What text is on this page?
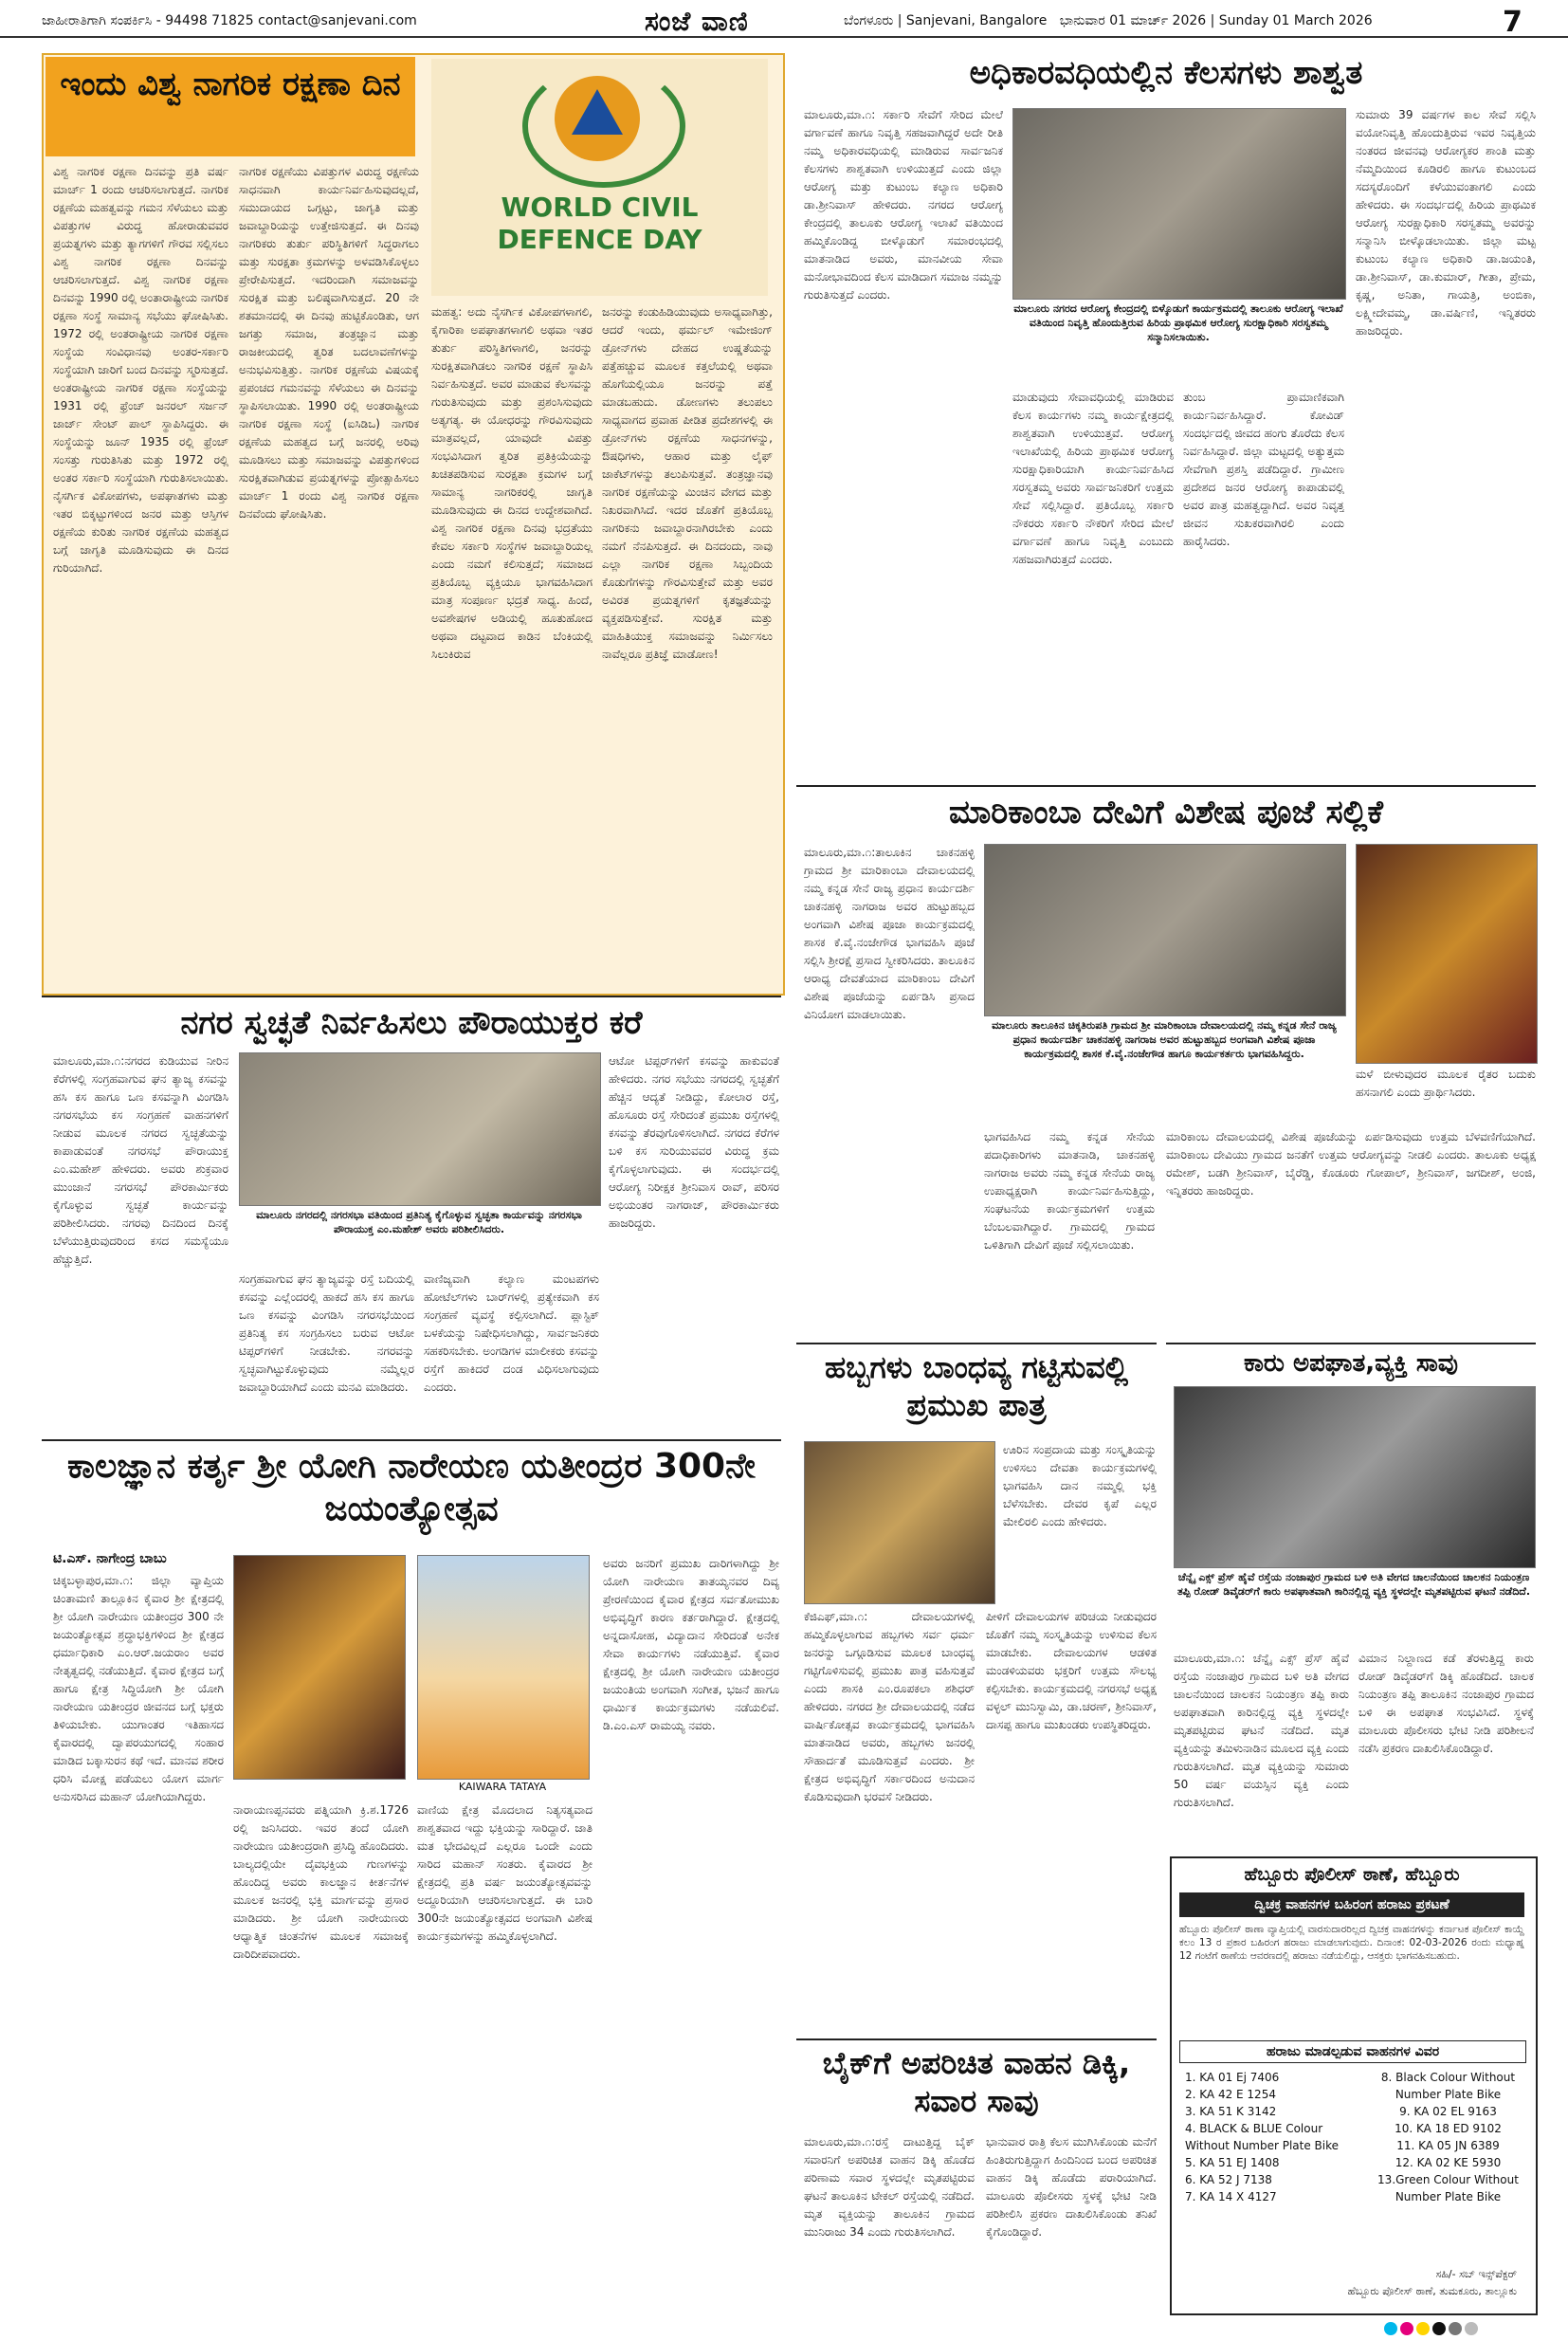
ಜಾಹೀರಾತಿಗಾಗಿ ಸಂಪರ್ಕಿಸಿ - 94498 71825 contact@sanjevani.com	ಸಂಜೆ ವಾಣಿ	ಬೆಂಗಳೂರು | Sanjevani, Bangalore ಭಾನುವಾರ 01 ಮಾರ್ಚ್ 2026 | Sunday 01 March 2026	7
ಇಂದು ವಿಶ್ವ ನಾಗರಿಕ ರಕ್ಷಣಾ ದಿನ
WORLD CIVIL DEFENCE DAY
ವಿಶ್ವ ನಾಗರಿಕ ರಕ್ಷಣಾ ದಿನವನ್ನು ಪ್ರತಿ ವರ್ಷ ಮಾರ್ಚ್ 1 ರಂದು ಆಚರಿಸಲಾಗುತ್ತದೆ. ನಾಗರಿಕ ರಕ್ಷಣೆಯ ಮಹತ್ವವನ್ನು ಗಮನ ಸೆಳೆಯಲು ಮತ್ತು ವಿಪತ್ತುಗಳ ವಿರುದ್ಧ ಹೋರಾಡುವವರ ಪ್ರಯತ್ನಗಳು ಮತ್ತು ತ್ಯಾಗಗಳಿಗೆ ಗೌರವ ಸಲ್ಲಿಸಲು ವಿಶ್ವ ನಾಗರಿಕ ರಕ್ಷಣಾ ದಿನವನ್ನು ಆಚರಿಸಲಾಗುತ್ತದೆ. ವಿಶ್ವ ನಾಗರಿಕ ರಕ್ಷಣಾ ದಿನವನ್ನು 1990 ರಲ್ಲಿ ಅಂತಾರಾಷ್ಟ್ರೀಯ ನಾಗರಿಕ ರಕ್ಷಣಾ ಸಂಸ್ಥೆ ಸಾಮಾನ್ಯ ಸಭೆಯು ಘೋಷಿಸಿತು. 1972 ರಲ್ಲಿ ಅಂತರಾಷ್ಟ್ರೀಯ ನಾಗರಿಕ ರಕ್ಷಣಾ ಸಂಸ್ಥೆಯ ಸಂವಿಧಾನವು ಅಂತರ-ಸರ್ಕಾರಿ ಸಂಸ್ಥೆಯಾಗಿ ಜಾರಿಗೆ ಬಂದ ದಿನವನ್ನು ಸ್ಮರಿಸುತ್ತದೆ. ಅಂತರಾಷ್ಟ್ರೀಯ ನಾಗರಿಕ ರಕ್ಷಣಾ ಸಂಸ್ಥೆಯನ್ನು 1931 ರಲ್ಲಿ ಫ್ರೆಂಚ್ ಜನರಲ್ ಸರ್ಜನ್ ಜಾರ್ಜ್ ಸೇಂಟ್ ಪಾಲ್ ಸ್ಥಾಪಿಸಿದ್ದರು. ಈ ಸಂಸ್ಥೆಯನ್ನು ಜೂನ್ 1935 ರಲ್ಲಿ ಫ್ರೆಂಚ್ ಸಂಸತ್ತು ಗುರುತಿಸಿತು ಮತ್ತು 1972 ರಲ್ಲಿ ಅಂತರ ಸರ್ಕಾರಿ ಸಂಸ್ಥೆಯಾಗಿ ಗುರುತಿಸಲಾಯಿತು. ನೈಸರ್ಗಿಕ ವಿಕೋಪಗಳು, ಅಪಘಾತಗಳು ಮತ್ತು ಇತರ ಬಿಕ್ಕಟ್ಟುಗಳಿಂದ ಜನರ ಮತ್ತು ಆಸ್ತಿಗಳ ರಕ್ಷಣೆಯ ಕುರಿತು ನಾಗರಿಕ ರಕ್ಷಣೆಯ ಮಹತ್ವದ ಬಗ್ಗೆ ಜಾಗೃತಿ ಮೂಡಿಸುವುದು ಈ ದಿನದ ಗುರಿಯಾಗಿದೆ.
ನಾಗರಿಕ ರಕ್ಷಣೆಯು ವಿಪತ್ತುಗಳ ವಿರುದ್ಧ ರಕ್ಷಣೆಯ ಸಾಧನವಾಗಿ ಕಾರ್ಯನಿರ್ವಹಿಸುವುದಲ್ಲದೆ, ಸಮುದಾಯದ ಒಗ್ಗಟ್ಟು, ಜಾಗೃತಿ ಮತ್ತು ಜವಾಬ್ದಾರಿಯನ್ನು ಉತ್ತೇಜಿಸುತ್ತದೆ. ಈ ದಿನವು ನಾಗರಿಕರು ತುರ್ತು ಪರಿಸ್ಥಿತಿಗಳಿಗೆ ಸಿದ್ಧರಾಗಲು ಮತ್ತು ಸುರಕ್ಷತಾ ಕ್ರಮಗಳನ್ನು ಅಳವಡಿಸಿಕೊಳ್ಳಲು ಪ್ರೇರೇಪಿಸುತ್ತದೆ. ಇದರಿಂದಾಗಿ ಸಮಾಜವನ್ನು ಸುರಕ್ಷಿತ ಮತ್ತು ಬಲಿಷ್ಠವಾಗಿಸುತ್ತದೆ. 20 ನೇ ಶತಮಾನದಲ್ಲಿ ಈ ದಿನವು ಹುಟ್ಟಿಕೊಂಡಿತು, ಆಗ ಜಗತ್ತು ಸಮಾಜ, ತಂತ್ರಜ್ಞಾನ ಮತ್ತು ರಾಜಕೀಯದಲ್ಲಿ ತ್ವರಿತ ಬದಲಾವಣೆಗಳನ್ನು ಅನುಭವಿಸುತ್ತಿತ್ತು. ನಾಗರಿಕ ರಕ್ಷಣೆಯ ವಿಷಯಕ್ಕೆ ಪ್ರಪಂಚದ ಗಮನವನ್ನು ಸೆಳೆಯಲು ಈ ದಿನವನ್ನು ಸ್ಥಾಪಿಸಲಾಯಿತು. 1990 ರಲ್ಲಿ ಅಂತರಾಷ್ಟ್ರೀಯ ನಾಗರಿಕ ರಕ್ಷಣಾ ಸಂಸ್ಥೆ (ಐಸಿಡಿಒ) ನಾಗರಿಕ ರಕ್ಷಣೆಯ ಮಹತ್ವದ ಬಗ್ಗೆ ಜನರಲ್ಲಿ ಅರಿವು ಮೂಡಿಸಲು ಮತ್ತು ಸಮಾಜವನ್ನು ವಿಪತ್ತುಗಳಿಂದ ಸುರಕ್ಷಿತವಾಗಿಡುವ ಪ್ರಯತ್ನಗಳನ್ನು ಪ್ರೋತ್ಸಾಹಿಸಲು ಮಾರ್ಚ್ 1 ರಂದು ವಿಶ್ವ ನಾಗರಿಕ ರಕ್ಷಣಾ ದಿನವೆಂದು ಘೋಷಿಸಿತು.
ಮಹತ್ವ: ಅದು ನೈಸರ್ಗಿಕ ವಿಕೋಪಗಳಾಗಲಿ, ಕೈಗಾರಿಕಾ ಅಪಘಾತಗಳಾಗಲಿ ಅಥವಾ ಇತರ ತುರ್ತು ಪರಿಸ್ಥಿತಿಗಳಾಗಲಿ, ಜನರನ್ನು ಸುರಕ್ಷಿತವಾಗಿಡಲು ನಾಗರಿಕ ರಕ್ಷಣೆ ಸ್ಥಾಪಿಸಿ ನಿರ್ವಹಿಸುತ್ತದೆ. ಅವರ ಮಾಡುವ ಕೆಲಸವನ್ನು ಗುರುತಿಸುವುದು ಮತ್ತು ಪ್ರಶಂಸಿಸುವುದು ಅತ್ಯಗತ್ಯ. ಈ ಯೋಧರನ್ನು ಗೌರವಿಸುವುದು ಮಾತ್ರವಲ್ಲದೆ, ಯಾವುದೇ ವಿಪತ್ತು ಸಂಭವಿಸಿದಾಗ ತ್ವರಿತ ಪ್ರತಿಕ್ರಿಯೆಯನ್ನು ಖಚಿತಪಡಿಸುವ ಸುರಕ್ಷತಾ ಕ್ರಮಗಳ ಬಗ್ಗೆ ಸಾಮಾನ್ಯ ನಾಗರಿಕರಲ್ಲಿ ಜಾಗೃತಿ ಮೂಡಿಸುವುದು ಈ ದಿನದ ಉದ್ದೇಶವಾಗಿದೆ. ವಿಶ್ವ ನಾಗರಿಕ ರಕ್ಷಣಾ ದಿನವು ಭದ್ರತೆಯು ಕೇವಲ ಸರ್ಕಾರಿ ಸಂಸ್ಥೆಗಳ ಜವಾಬ್ದಾರಿಯಲ್ಲ ಎಂದು ನಮಗೆ ಕಲಿಸುತ್ತದೆ; ಸಮಾಜದ ಪ್ರತಿಯೊಬ್ಬ ವ್ಯಕ್ತಿಯೂ ಭಾಗವಹಿಸಿದಾಗ ಮಾತ್ರ ಸಂಪೂರ್ಣ ಭದ್ರತೆ ಸಾಧ್ಯ. ಹಿಂದೆ, ಅವಶೇಷಗಳ ಅಡಿಯಲ್ಲಿ ಹೂತುಹೋದ ಅಥವಾ ದಟ್ಟವಾದ ಕಾಡಿನ ಬೆಂಕಿಯಲ್ಲಿ ಸಿಲುಕಿರುವ
ಜನರನ್ನು ಕಂಡುಹಿಡಿಯುವುದು ಅಸಾಧ್ಯವಾಗಿತ್ತು, ಆದರೆ ಇಂದು, ಥರ್ಮಲ್ ಇಮೇಜಿಂಗ್ ಡ್ರೋನ್‌ಗಳು ದೇಹದ ಉಷ್ಣತೆಯನ್ನು ಪತ್ತೆಹಚ್ಚುವ ಮೂಲಕ ಕತ್ತಲೆಯಲ್ಲಿ ಅಥವಾ ಹೊಗೆಯಲ್ಲಿಯೂ ಜನರನ್ನು ಪತ್ತೆ ಮಾಡಬಹುದು. ಡೋಣಗಳು ತಲುಪಲು ಸಾಧ್ಯವಾಗದ ಪ್ರವಾಹ ಪೀಡಿತ ಪ್ರದೇಶಗಳಲ್ಲಿ ಈ ಡ್ರೋನ್‌ಗಳು ರಕ್ಷಣೆಯ ಸಾಧನಗಳನ್ನು, ಔಷಧಿಗಳು, ಆಹಾರ ಮತ್ತು ಲೈಫ್ ಜಾಕೆಟ್‌ಗಳನ್ನು ತಲುಪಿಸುತ್ತವೆ. ತಂತ್ರಜ್ಞಾನವು ನಾಗರಿಕ ರಕ್ಷಣೆಯನ್ನು ಮಿಂಚಿನ ವೇಗದ ಮತ್ತು ನಿಖರವಾಗಿಸಿದೆ. ಇದರ ಜೊತೆಗೆ ಪ್ರತಿಯೊಬ್ಬ ನಾಗರಿಕನು ಜವಾಬ್ದಾರನಾಗಿರಬೇಕು ಎಂದು ನಮಗೆ ನೆನಪಿಸುತ್ತದೆ. ಈ ದಿನದಂದು, ನಾವು ಎಲ್ಲಾ ನಾಗರಿಕ ರಕ್ಷಣಾ ಸಿಬ್ಬಂದಿಯ ಕೊಡುಗೆಗಳನ್ನು ಗೌರವಿಸುತ್ತೇವೆ ಮತ್ತು ಅವರ ಅವಿರತ ಪ್ರಯತ್ನಗಳಿಗೆ ಕೃತಜ್ಞತೆಯನ್ನು ವ್ಯಕ್ತಪಡಿಸುತ್ತೇವೆ. ಸುರಕ್ಷಿತ ಮತ್ತು ಮಾಹಿತಿಯುಕ್ತ ಸಮಾಜವನ್ನು ನಿರ್ಮಿಸಲು ನಾವೆಲ್ಲರೂ ಪ್ರತಿಜ್ಞೆ ಮಾಡೋಣ!
ಅಧಿಕಾರವಧಿಯಲ್ಲಿನ ಕೆಲಸಗಳು ಶಾಶ್ವತ
ಮಾಲೂರು,ಮಾ.೧: ಸರ್ಕಾರಿ ಸೇವೆಗೆ ಸೇರಿದ ಮೇಲೆ ವರ್ಗಾವಣೆ ಹಾಗೂ ನಿವೃತ್ತಿ ಸಹಜವಾಗಿದ್ದರೆ ಅದೇ ರೀತಿ ನಮ್ಮ ಅಧಿಕಾರವಧಿಯಲ್ಲಿ ಮಾಡಿರುವ ಸಾರ್ವಜನಿಕ ಕೆಲಸಗಳು ಶಾಶ್ವತವಾಗಿ ಉಳಿಯುತ್ತದೆ ಎಂದು ಜಿಲ್ಲಾ ಆರೋಗ್ಯ ಮತ್ತು ಕುಟುಂಬ ಕಲ್ಯಾಣ ಅಧಿಕಾರಿ ಡಾ.ಶ್ರೀನಿವಾಸ್ ಹೇಳಿದರು. ನಗರದ ಆರೋಗ್ಯ ಕೇಂದ್ರದಲ್ಲಿ ತಾಲೂಕು ಆರೋಗ್ಯ ಇಲಾಖೆ ವತಿಯಿಂದ ಹಮ್ಮಿಕೊಂಡಿದ್ದ ಬೀಳ್ಕೊಡುಗೆ ಸಮಾರಂಭದಲ್ಲಿ ಮಾತನಾಡಿದ ಅವರು, ಮಾನವೀಯ ಸೇವಾ ಮನೋಭಾವದಿಂದ ಕೆಲಸ ಮಾಡಿದಾಗ ಸಮಾಜ ನಮ್ಮನ್ನು ಗುರುತಿಸುತ್ತದೆ ಎಂದರು.
ಮಾಲೂರು ನಗರದ ಆರೋಗ್ಯ ಕೇಂದ್ರದಲ್ಲಿ ಬಿಳ್ಕೊಡುಗೆ ಕಾರ್ಯಕ್ರಮದಲ್ಲಿ ತಾಲೂಕು ಆರೋಗ್ಯ ಇಲಾಖೆ ವತಿಯಿಂದ ನಿವೃತ್ತಿ ಹೊಂದುತ್ತಿರುವ ಹಿರಿಯ ಪ್ರಾಥಮಿಕ ಆರೋಗ್ಯ ಸುರಕ್ಷಾಧಿಕಾರಿ ಸರಸ್ವತಮ್ಮ ಸನ್ಮಾನಿಸಲಾಯಿತು.
ಮಾಡುವುದು ಸೇವಾವಧಿಯಲ್ಲಿ ಮಾಡಿರುವ ಕೆಲಸ ಕಾರ್ಯಗಳು ನಮ್ಮ ಕಾರ್ಯಕ್ಷೇತ್ರದಲ್ಲಿ ಶಾಶ್ವತವಾಗಿ ಉಳಿಯುತ್ತವೆ. ಆರೋಗ್ಯ ಇಲಾಖೆಯಲ್ಲಿ ಹಿರಿಯ ಪ್ರಾಥಮಿಕ ಆರೋಗ್ಯ ಸುರಕ್ಷಾಧಿಕಾರಿಯಾಗಿ ಕಾರ್ಯನಿರ್ವಹಿಸಿದ ಸರಸ್ವತಮ್ಮ ಅವರು ಸಾರ್ವಜನಿಕರಿಗೆ ಉತ್ತಮ ಸೇವೆ ಸಲ್ಲಿಸಿದ್ದಾರೆ. ಪ್ರತಿಯೊಬ್ಬ ಸರ್ಕಾರಿ ನೌಕರರು ಸರ್ಕಾರಿ ನೌಕರಿಗೆ ಸೇರಿದ ಮೇಲೆ ವರ್ಗಾವಣೆ ಹಾಗೂ ನಿವೃತ್ತಿ ಎಂಬುದು ಸಹಜವಾಗಿರುತ್ತದೆ ಎಂದರು.
ತುಂಬ ಪ್ರಾಮಾಣಿಕವಾಗಿ ಕಾರ್ಯನಿರ್ವಹಿಸಿದ್ದಾರೆ. ಕೋವಿಡ್ ಸಂದರ್ಭದಲ್ಲಿ ಜೀವದ ಹಂಗು ತೊರೆದು ಕೆಲಸ ನಿರ್ವಹಿಸಿದ್ದಾರೆ. ಜಿಲ್ಲಾ ಮಟ್ಟದಲ್ಲಿ ಅತ್ಯುತ್ತಮ ಸೇವೆಗಾಗಿ ಪ್ರಶಸ್ತಿ ಪಡೆದಿದ್ದಾರೆ. ಗ್ರಾಮೀಣ ಪ್ರದೇಶದ ಜನರ ಆರೋಗ್ಯ ಕಾಪಾಡುವಲ್ಲಿ ಅವರ ಪಾತ್ರ ಮಹತ್ವದ್ದಾಗಿದೆ. ಅವರ ನಿವೃತ್ತ ಜೀವನ ಸುಖಕರವಾಗಿರಲಿ ಎಂದು ಹಾರೈಸಿದರು.
ಸುಮಾರು 39 ವರ್ಷಗಳ ಕಾಲ ಸೇವೆ ಸಲ್ಲಿಸಿ ವಯೋನಿವೃತ್ತಿ ಹೊಂದುತ್ತಿರುವ ಇವರ ನಿವೃತ್ತಿಯ ನಂತರದ ಜೀವನವು ಆರೋಗ್ಯಕರ ಶಾಂತಿ ಮತ್ತು ನೆಮ್ಮದಿಯಿಂದ ಕೂಡಿರಲಿ ಹಾಗೂ ಕುಟುಂಬದ ಸದಸ್ಯರೊಂದಿಗೆ ಕಳೆಯುವಂತಾಗಲಿ ಎಂದು ಹೇಳಿದರು. ಈ ಸಂದರ್ಭದಲ್ಲಿ ಹಿರಿಯ ಪ್ರಾಥಮಿಕ ಆರೋಗ್ಯ ಸುರಕ್ಷಾಧಿಕಾರಿ ಸರಸ್ವತಮ್ಮ ಅವರನ್ನು ಸನ್ಮಾನಿಸಿ ಬೀಳ್ಕೊಡಲಾಯಿತು. ಜಿಲ್ಲಾ ಮಟ್ಟ ಕುಟುಂಬ ಕಲ್ಯಾಣ ಅಧಿಕಾರಿ ಡಾ.ಜಯಂತಿ, ಡಾ.ಶ್ರೀನಿವಾಸ್, ಡಾ.ಕುಮಾರ್, ಗೀತಾ, ಪ್ರೇಮ, ಕೃಷ್ಣ, ಅನಿತಾ, ಗಾಯತ್ರಿ, ಅಂಬಿಕಾ, ಲಕ್ಷ್ಮೀದೇವಮ್ಮ, ಡಾ.ವರ್ಷಿಣಿ, ಇನ್ನಿತರರು ಹಾಜರಿದ್ದರು.
ಮಾರಿಕಾಂಬಾ ದೇವಿಗೆ ವಿಶೇಷ ಪೂಜೆ ಸಲ್ಲಿಕೆ
ಮಾಲೂರು,ಮಾ.೧:ತಾಲೂಕಿನ ಚಾಕನಹಳ್ಳಿ ಗ್ರಾಮದ ಶ್ರೀ ಮಾರಿಕಾಂಬಾ ದೇವಾಲಯದಲ್ಲಿ ನಮ್ಮ ಕನ್ನಡ ಸೇನೆ ರಾಜ್ಯ ಪ್ರಧಾನ ಕಾರ್ಯದರ್ಶಿ ಚಾಕನಹಳ್ಳಿ ನಾಗರಾಜ ಅವರ ಹುಟ್ಟುಹಬ್ಬದ ಅಂಗವಾಗಿ ವಿಶೇಷ ಪೂಜಾ ಕಾರ್ಯಕ್ರಮದಲ್ಲಿ ಶಾಸಕ ಕೆ.ವೈ.ನಂಜೇಗೌಡ ಭಾಗವಹಿಸಿ ಪೂಜೆ ಸಲ್ಲಿಸಿ ಶ್ರೀರಕ್ಷೆ ಪ್ರಸಾದ ಸ್ವೀಕರಿಸಿದರು. ತಾಲೂಕಿನ ಆರಾಧ್ಯ ದೇವತೆಯಾದ ಮಾರಿಕಾಂಬ ದೇವಿಗೆ ವಿಶೇಷ ಪೂಜೆಯನ್ನು ಏರ್ಪಡಿಸಿ ಪ್ರಸಾದ ವಿನಿಯೋಗ ಮಾಡಲಾಯಿತು.
ಮಾಲೂರು ತಾಲೂಕಿನ ಚಿಕ್ಕತಿರುಪತಿ ಗ್ರಾಮದ ಶ್ರೀ ಮಾರಿಕಾಂಬಾ ದೇವಾಲಯದಲ್ಲಿ ನಮ್ಮ ಕನ್ನಡ ಸೇನೆ ರಾಜ್ಯ ಪ್ರಧಾನ ಕಾರ್ಯದರ್ಶಿ ಚಾಕನಹಳ್ಳಿ ನಾಗರಾಜ ಅವರ ಹುಟ್ಟುಹಬ್ಬದ ಅಂಗವಾಗಿ ವಿಶೇಷ ಪೂಜಾ ಕಾರ್ಯಕ್ರಮದಲ್ಲಿ ಶಾಸಕ ಕೆ.ವೈ.ನಂಜೇಗೌಡ ಹಾಗೂ ಕಾರ್ಯಕರ್ತರು ಭಾಗವಹಿಸಿದ್ದರು.
ಮಳೆ ಬೀಳುವುದರ ಮೂಲಕ ರೈತರ ಬದುಕು ಹಸನಾಗಲಿ ಎಂದು ಪ್ರಾರ್ಥಿಸಿದರು.
ಭಾಗವಹಿಸಿದ ನಮ್ಮ ಕನ್ನಡ ಸೇನೆಯ ಪದಾಧಿಕಾರಿಗಳು ಮಾತನಾಡಿ, ಚಾಕನಹಳ್ಳಿ ನಾಗರಾಜ ಅವರು ನಮ್ಮ ಕನ್ನಡ ಸೇನೆಯ ರಾಜ್ಯ ಉಪಾಧ್ಯಕ್ಷರಾಗಿ ಕಾರ್ಯನಿರ್ವಹಿಸುತ್ತಿದ್ದು, ಸಂಘಟನೆಯ ಕಾರ್ಯಕ್ರಮಗಳಿಗೆ ಉತ್ತಮ ಬೆಂಬಲವಾಗಿದ್ದಾರೆ. ಗ್ರಾಮದಲ್ಲಿ ಗ್ರಾಮದ ಒಳಿತಿಗಾಗಿ ದೇವಿಗೆ ಪೂಜೆ ಸಲ್ಲಿಸಲಾಯಿತು.
ಮಾರಿಕಾಂಬ ದೇವಾಲಯದಲ್ಲಿ ವಿಶೇಷ ಪೂಜೆಯನ್ನು ಏರ್ಪಡಿಸುವುದು ಉತ್ತಮ ಬೆಳವಣಿಗೆಯಾಗಿದೆ. ಮಾರಿಕಾಂಬ ದೇವಿಯು ಗ್ರಾಮದ ಜನತೆಗೆ ಉತ್ತಮ ಆರೋಗ್ಯವನ್ನು ನೀಡಲಿ ಎಂದರು. ತಾಲೂಕು ಅಧ್ಯಕ್ಷ ರಮೇಶ್, ಬಡಗಿ ಶ್ರೀನಿವಾಸ್, ಬೈರೆಡ್ಡಿ, ಕೊಡೂರು ಗೋಪಾಲ್, ಶ್ರೀನಿವಾಸ್, ಜಗದೀಶ್, ಅಂಜಿ, ಇನ್ನಿತರರು ಹಾಜರಿದ್ದರು.
ನಗರ ಸ್ವಚ್ಛತೆ ನಿರ್ವಹಿಸಲು ಪೌರಾಯುಕ್ತರ ಕರೆ
ಮಾಲೂರು,ಮಾ.೧:ನಗರದ ಕುಡಿಯುವ ನೀರಿನ ಕೆರೆಗಳಲ್ಲಿ ಸಂಗ್ರಹವಾಗುವ ಘನ ತ್ಯಾಜ್ಯ ಕಸವನ್ನು ಹಸಿ ಕಸ ಹಾಗೂ ಒಣ ಕಸವನ್ನಾಗಿ ವಿಂಗಡಿಸಿ ನಗರಸಭೆಯ ಕಸ ಸಂಗ್ರಹಣೆ ವಾಹನಗಳಿಗೆ ನೀಡುವ ಮೂಲಕ ನಗರದ ಸ್ವಚ್ಛತೆಯನ್ನು ಕಾಪಾಡುವಂತೆ ನಗರಸಭೆ ಪೌರಾಯುಕ್ತ ಎಂ.ಮಹೇಶ್ ಹೇಳಿದರು. ಅವರು ಶುಕ್ರವಾರ ಮುಂಜಾನೆ ನಗರಸಭೆ ಪೌರಕಾರ್ಮಿಕರು ಕೈಗೊಳ್ಳುವ ಸ್ವಚ್ಛತೆ ಕಾರ್ಯವನ್ನು ಪರಿಶೀಲಿಸಿದರು. ನಗರವು ದಿನದಿಂದ ದಿನಕ್ಕೆ ಬೆಳೆಯುತ್ತಿರುವುದರಿಂದ ಕಸದ ಸಮಸ್ಯೆಯೂ ಹೆಚ್ಚುತ್ತಿದೆ.
ಮಾಲೂರು ನಗರದಲ್ಲಿ ನಗರಸಭಾ ವತಿಯಿಂದ ಪ್ರತಿನಿತ್ಯ ಕೈಗೊಳ್ಳುವ ಸ್ವಚ್ಛತಾ ಕಾರ್ಯವನ್ನು ನಗರಸಭಾ ಪೌರಾಯುಕ್ತ ಎಂ.ಮಹೇಶ್ ಅವರು ಪರಿಶೀಲಿಸಿದರು.
ಸಂಗ್ರಹವಾಗುವ ಘನ ತ್ಯಾಜ್ಯವನ್ನು ರಸ್ತೆ ಬದಿಯಲ್ಲಿ ಕಸವನ್ನು ಎಲ್ಲೆಂದರಲ್ಲಿ ಹಾಕದೆ ಹಸಿ ಕಸ ಹಾಗೂ ಒಣ ಕಸವನ್ನು ವಿಂಗಡಿಸಿ ನಗರಸಭೆಯಿಂದ ಪ್ರತಿನಿತ್ಯ ಕಸ ಸಂಗ್ರಹಿಸಲು ಬರುವ ಆಟೋ ಟಿಪ್ಪರ್‌ಗಳಿಗೆ ನೀಡಬೇಕು. ನಗರವನ್ನು ಸ್ವಚ್ಛವಾಗಿಟ್ಟುಕೊಳ್ಳುವುದು ನಮ್ಮೆಲ್ಲರ ಜವಾಬ್ದಾರಿಯಾಗಿದೆ ಎಂದು ಮನವಿ ಮಾಡಿದರು.
ವಾಣಿಜ್ಯವಾಗಿ ಕಲ್ಯಾಣ ಮಂಟಪಗಳು ಹೋಟೆಲ್‌ಗಳು ಬಾರ್‌ಗಳಲ್ಲಿ ಪ್ರತ್ಯೇಕವಾಗಿ ಕಸ ಸಂಗ್ರಹಣೆ ವ್ಯವಸ್ಥೆ ಕಲ್ಪಿಸಲಾಗಿದೆ. ಪ್ಲಾಸ್ಟಿಕ್ ಬಳಕೆಯನ್ನು ನಿಷೇಧಿಸಲಾಗಿದ್ದು, ಸಾರ್ವಜನಿಕರು ಸಹಕರಿಸಬೇಕು. ಅಂಗಡಿಗಳ ಮಾಲೀಕರು ಕಸವನ್ನು ರಸ್ತೆಗೆ ಹಾಕಿದರೆ ದಂಡ ವಿಧಿಸಲಾಗುವುದು ಎಂದರು.
ಆಟೋ ಟಿಪ್ಪರ್‌ಗಳಿಗೆ ಕಸವನ್ನು ಹಾಕುವಂತೆ ಹೇಳಿದರು. ನಗರ ಸಭೆಯು ನಗರದಲ್ಲಿ ಸ್ವಚ್ಛತೆಗೆ ಹೆಚ್ಚಿನ ಆದ್ಯತೆ ನೀಡಿದ್ದು, ಕೋಲಾರ ರಸ್ತೆ, ಹೊಸೂರು ರಸ್ತೆ ಸೇರಿದಂತೆ ಪ್ರಮುಖ ರಸ್ತೆಗಳಲ್ಲಿ ಕಸವನ್ನು ತೆರವುಗೊಳಿಸಲಾಗಿದೆ. ನಗರದ ಕೆರೆಗಳ ಬಳಿ ಕಸ ಸುರಿಯುವವರ ವಿರುದ್ಧ ಕ್ರಮ ಕೈಗೊಳ್ಳಲಾಗುವುದು. ಈ ಸಂದರ್ಭದಲ್ಲಿ ಆರೋಗ್ಯ ನಿರೀಕ್ಷಕ ಶ್ರೀನಿವಾಸ ರಾವ್, ಪರಿಸರ ಅಭಿಯಂತರ ನಾಗರಾಜ್, ಪೌರಕಾರ್ಮಿಕರು ಹಾಜರಿದ್ದರು.
ಕಾಲಜ್ಞಾನ ಕರ್ತೃ ಶ್ರೀ ಯೋಗಿ ನಾರೇಯಣ ಯತೀಂದ್ರರ 300ನೇ ಜಯಂತ್ಯೋತ್ಸವ
ಟಿ.ಎಸ್. ನಾಗೇಂದ್ರ ಬಾಬು
ಚಿಕ್ಕಬಳ್ಳಾಪುರ,ಮಾ.೧: ಜಿಲ್ಲಾ ವ್ಯಾಪ್ತಿಯ ಚಿಂತಾಮಣಿ ತಾಲ್ಲೂಕಿನ ಕೈವಾರ ಶ್ರೀ ಕ್ಷೇತ್ರದಲ್ಲಿ ಶ್ರೀ ಯೋಗಿ ನಾರೇಯಣ ಯತೀಂದ್ರರ 300 ನೇ ಜಯಂತ್ಯೋತ್ಸವ ಶ್ರದ್ಧಾಭಕ್ತಿಗಳಿಂದ ಶ್ರೀ ಕ್ಷೇತ್ರದ ಧರ್ಮಾಧಿಕಾರಿ ಎಂ.ಆರ್.ಜಯರಾಂ ಅವರ ನೇತೃತ್ವದಲ್ಲಿ ನಡೆಯುತ್ತಿದೆ. ಕೈವಾರ ಕ್ಷೇತ್ರದ ಬಗ್ಗೆ ಹಾಗೂ ಕ್ಷೇತ್ರ ಸಿದ್ಧಿಯೋಗಿ ಶ್ರೀ ಯೋಗಿ ನಾರೇಯಣ ಯತೀಂದ್ರರ ಜೀವನದ ಬಗ್ಗೆ ಭಕ್ತರು ತಿಳಿಯಬೇಕು. ಯುಗಾಂತರ ಇತಿಹಾಸದ ಕೈವಾರದಲ್ಲಿ ದ್ವಾಪರಯುಗದಲ್ಲಿ ಸಂಹಾರ ಮಾಡಿದ ಬಕ್ಕಾಸುರನ ಕಥೆ ಇದೆ. ಮಾನವ ಶರೀರ ಧರಿಸಿ ಮೋಕ್ಷ ಪಡೆಯಲು ಯೋಗ ಮಾರ್ಗ ಅನುಸರಿಸಿದ ಮಹಾನ್ ಯೋಗಿಯಾಗಿದ್ದರು.
KAIWARA TATAYA
ನಾರಾಯಣಪ್ಪನವರು ಪತ್ನಿಯಾಗಿ ಕ್ರಿ.ಶ.1726 ರಲ್ಲಿ ಜನಿಸಿದರು. ಇವರ ತಂದೆ ಯೋಗಿ ನಾರೇಯಣ ಯತೀಂದ್ರರಾಗಿ ಪ್ರಸಿದ್ಧಿ ಹೊಂದಿದರು. ಬಾಲ್ಯದಲ್ಲಿಯೇ ದೈವಭಕ್ತಿಯ ಗುಣಗಳನ್ನು ಹೊಂದಿದ್ದ ಅವರು ಕಾಲಜ್ಞಾನ ಕೀರ್ತನೆಗಳ ಮೂಲಕ ಜನರಲ್ಲಿ ಭಕ್ತಿ ಮಾರ್ಗವನ್ನು ಪ್ರಸಾರ ಮಾಡಿದರು. ಶ್ರೀ ಯೋಗಿ ನಾರೇಯಣರು ಆಧ್ಯಾತ್ಮಿಕ ಚಿಂತನೆಗಳ ಮೂಲಕ ಸಮಾಜಕ್ಕೆ ದಾರಿದೀಪವಾದರು.
ವಾಣಿಯ ಕ್ಷೇತ್ರ ಮೊದಲಾದ ನಿತ್ಯಸತ್ಯವಾದ ಶಾಶ್ವತವಾದ ಇದ್ದು ಭಕ್ತಿಯನ್ನು ಸಾರಿದ್ದಾರೆ. ಜಾತಿ ಮತ ಭೇದವಿಲ್ಲದೆ ಎಲ್ಲರೂ ಒಂದೇ ಎಂದು ಸಾರಿದ ಮಹಾನ್ ಸಂತರು. ಕೈವಾರದ ಶ್ರೀ ಕ್ಷೇತ್ರದಲ್ಲಿ ಪ್ರತಿ ವರ್ಷ ಜಯಂತ್ಯೋತ್ಸವವನ್ನು ಅದ್ದೂರಿಯಾಗಿ ಆಚರಿಸಲಾಗುತ್ತದೆ. ಈ ಬಾರಿ 300ನೇ ಜಯಂತ್ಯೋತ್ಸವದ ಅಂಗವಾಗಿ ವಿಶೇಷ ಕಾರ್ಯಕ್ರಮಗಳನ್ನು ಹಮ್ಮಿಕೊಳ್ಳಲಾಗಿದೆ.
ಅವರು ಜನರಿಗೆ ಪ್ರಮುಖ ದಾರಿಗಳಾಗಿದ್ದು ಶ್ರೀ ಯೋಗಿ ನಾರೇಯಣ ತಾತಯ್ಯನವರ ದಿವ್ಯ ಪ್ರೇರಣೆಯಿಂದ ಕೈವಾರ ಕ್ಷೇತ್ರದ ಸರ್ವತೋಮುಖ ಅಭಿವೃದ್ಧಿಗೆ ಕಾರಣ ಕರ್ತರಾಗಿದ್ದಾರೆ. ಕ್ಷೇತ್ರದಲ್ಲಿ ಅನ್ನದಾಸೋಹ, ವಿದ್ಯಾದಾನ ಸೇರಿದಂತೆ ಅನೇಕ ಸೇವಾ ಕಾರ್ಯಗಳು ನಡೆಯುತ್ತಿವೆ. ಕೈವಾರ ಕ್ಷೇತ್ರದಲ್ಲಿ ಶ್ರೀ ಯೋಗಿ ನಾರೇಯಣ ಯತೀಂದ್ರರ ಜಯಂತಿಯ ಅಂಗವಾಗಿ ಸಂಗೀತ, ಭಜನೆ ಹಾಗೂ ಧಾರ್ಮಿಕ ಕಾರ್ಯಕ್ರಮಗಳು ನಡೆಯಲಿವೆ. ಡಿ.ಎಂ.ಎಸ್ ರಾಮಯ್ಯ ನವರು.
ಹಬ್ಬಗಳು ಬಾಂಧವ್ಯ ಗಟ್ಟಿಸುವಲ್ಲಿ ಪ್ರಮುಖ ಪಾತ್ರ
ಊರಿನ ಸಂಪ್ರದಾಯ ಮತ್ತು ಸಂಸ್ಕೃತಿಯನ್ನು ಉಳಿಸಲು ದೇವತಾ ಕಾರ್ಯಕ್ರಮಗಳಲ್ಲಿ ಭಾಗವಹಿಸಿ ದಾನ ನಮ್ಮಲ್ಲಿ ಭಕ್ತಿ ಬೆಳೆಸಬೇಕು. ದೇವರ ಕೃಪೆ ಎಲ್ಲರ ಮೇಲಿರಲಿ ಎಂದು ಹೇಳಿದರು.
ಕೆಜಿಎಫ್,ಮಾ.೧: ದೇವಾಲಯಗಳಲ್ಲಿ ಹಮ್ಮಿಕೊಳ್ಳಲಾಗುವ ಹಬ್ಬಗಳು ಸರ್ವ ಧರ್ಮ ಜನರನ್ನು ಒಗ್ಗೂಡಿಸುವ ಮೂಲಕ ಬಾಂಧವ್ಯ ಗಟ್ಟಿಗೊಳಿಸುವಲ್ಲಿ ಪ್ರಮುಖ ಪಾತ್ರ ವಹಿಸುತ್ತವೆ ಎಂದು ಶಾಸಕಿ ಎಂ.ರೂಪಕಲಾ ಶಶಿಧರ್ ಹೇಳಿದರು. ನಗರದ ಶ್ರೀ ದೇವಾಲಯದಲ್ಲಿ ನಡೆದ ವಾರ್ಷಿಕೋತ್ಸವ ಕಾರ್ಯಕ್ರಮದಲ್ಲಿ ಭಾಗವಹಿಸಿ ಮಾತನಾಡಿದ ಅವರು, ಹಬ್ಬಗಳು ಜನರಲ್ಲಿ ಸೌಹಾರ್ದತೆ ಮೂಡಿಸುತ್ತವೆ ಎಂದರು. ಶ್ರೀ ಕ್ಷೇತ್ರದ ಅಭಿವೃದ್ಧಿಗೆ ಸರ್ಕಾರದಿಂದ ಅನುದಾನ ಕೊಡಿಸುವುದಾಗಿ ಭರವಸೆ ನೀಡಿದರು.
ಪೀಳಿಗೆ ದೇವಾಲಯಗಳ ಪರಿಚಯ ನೀಡುವುದರ ಜೊತೆಗೆ ನಮ್ಮ ಸಂಸ್ಕೃತಿಯನ್ನು ಉಳಿಸುವ ಕೆಲಸ ಮಾಡಬೇಕು. ದೇವಾಲಯಗಳ ಆಡಳಿತ ಮಂಡಳಿಯವರು ಭಕ್ತರಿಗೆ ಉತ್ತಮ ಸೌಲಭ್ಯ ಕಲ್ಪಿಸಬೇಕು. ಕಾರ್ಯಕ್ರಮದಲ್ಲಿ ನಗರಸಭೆ ಅಧ್ಯಕ್ಷ ವಳ್ಳಲ್ ಮುನಿಸ್ವಾಮಿ, ಡಾ.ಚರಣ್, ಶ್ರೀನಿವಾಸ್, ದಾಸಪ್ಪ ಹಾಗೂ ಮುಖಂಡರು ಉಪಸ್ಥಿತರಿದ್ದರು.
ಬೈಕ್‌ಗೆ ಅಪರಿಚಿತ ವಾಹನ ಡಿಕ್ಕಿ, ಸವಾರ ಸಾವು
ಮಾಲೂರು,ಮಾ.೧:ರಸ್ತೆ ದಾಟುತ್ತಿದ್ದ ಬೈಕ್ ಸವಾರನಿಗೆ ಅಪರಿಚಿತ ವಾಹನ ಡಿಕ್ಕಿ ಹೊಡೆದ ಪರಿಣಾಮ ಸವಾರ ಸ್ಥಳದಲ್ಲೇ ಮೃತಪಟ್ಟಿರುವ ಘಟನೆ ತಾಲೂಕಿನ ಟೇಕಲ್ ರಸ್ತೆಯಲ್ಲಿ ನಡೆದಿದೆ. ಮೃತ ವ್ಯಕ್ತಿಯನ್ನು ತಾಲೂಕಿನ ಗ್ರಾಮದ ಮುನಿರಾಜು 34 ಎಂದು ಗುರುತಿಸಲಾಗಿದೆ.
ಭಾನುವಾರ ರಾತ್ರಿ ಕೆಲಸ ಮುಗಿಸಿಕೊಂಡು ಮನೆಗೆ ಹಿಂತಿರುಗುತ್ತಿದ್ದಾಗ ಹಿಂದಿನಿಂದ ಬಂದ ಅಪರಿಚಿತ ವಾಹನ ಡಿಕ್ಕಿ ಹೊಡೆದು ಪರಾರಿಯಾಗಿದೆ. ಮಾಲೂರು ಪೊಲೀಸರು ಸ್ಥಳಕ್ಕೆ ಭೇಟಿ ನೀಡಿ ಪರಿಶೀಲಿಸಿ ಪ್ರಕರಣ ದಾಖಲಿಸಿಕೊಂಡು ತನಿಖೆ ಕೈಗೊಂಡಿದ್ದಾರೆ.
ಕಾರು ಅಪಘಾತ,ವ್ಯಕ್ತಿ ಸಾವು
ಚೆನ್ನೈ ಎಕ್ಸ್ ಪ್ರೆಸ್ ಹೈವೆ ರಸ್ತೆಯ ನಂಜಾಪುರ ಗ್ರಾಮದ ಬಳಿ ಅತಿ ವೇಗದ ಚಾಲನೆಯಿಂದ ಚಾಲಕನ ನಿಯಂತ್ರಣ ತಪ್ಪಿ ರೋಡ್ ಡಿವೈಡರ್‌ಗೆ ಕಾರು ಅಪಘಾತವಾಗಿ ಕಾರಿನಲ್ಲಿದ್ದ ವ್ಯಕ್ತಿ ಸ್ಥಳದಲ್ಲೇ ಮೃತಪಟ್ಟಿರುವ ಘಟನೆ ನಡೆದಿದೆ.
ಮಾಲೂರು,ಮಾ.೧: ಚೆನ್ನೈ ಎಕ್ಸ್ ಪ್ರೆಸ್ ಹೈವೆ ರಸ್ತೆಯ ನಂಜಾಪುರ ಗ್ರಾಮದ ಬಳಿ ಅತಿ ವೇಗದ ಚಾಲನೆಯಿಂದ ಚಾಲಕನ ನಿಯಂತ್ರಣ ತಪ್ಪಿ ಕಾರು ಅಪಘಾತವಾಗಿ ಕಾರಿನಲ್ಲಿದ್ದ ವ್ಯಕ್ತಿ ಸ್ಥಳದಲ್ಲೇ ಮೃತಪಟ್ಟಿರುವ ಘಟನೆ ನಡೆದಿದೆ. ಮೃತ ವ್ಯಕ್ತಿಯನ್ನು ತಮಿಳುನಾಡಿನ ಮೂಲದ ವ್ಯಕ್ತಿ ಎಂದು ಗುರುತಿಸಲಾಗಿದೆ. ಮೃತ ವ್ಯಕ್ತಿಯನ್ನು ಸುಮಾರು 50 ವರ್ಷ ವಯಸ್ಸಿನ ವ್ಯಕ್ತಿ ಎಂದು ಗುರುತಿಸಲಾಗಿದೆ.
ವಿಮಾನ ನಿಲ್ದಾಣದ ಕಡೆ ತೆರಳುತ್ತಿದ್ದ ಕಾರು ರೋಡ್ ಡಿವೈಡರ್‌ಗೆ ಡಿಕ್ಕಿ ಹೊಡೆದಿದೆ. ಚಾಲಕ ನಿಯಂತ್ರಣ ತಪ್ಪಿ ತಾಲೂಕಿನ ನಂಜಾಪುರ ಗ್ರಾಮದ ಬಳಿ ಈ ಅಪಘಾತ ಸಂಭವಿಸಿದೆ. ಸ್ಥಳಕ್ಕೆ ಮಾಲೂರು ಪೊಲೀಸರು ಭೇಟಿ ನೀಡಿ ಪರಿಶೀಲನೆ ನಡೆಸಿ ಪ್ರಕರಣ ದಾಖಲಿಸಿಕೊಂಡಿದ್ದಾರೆ.
ಹೆಬ್ಬೂರು ಪೊಲೀಸ್ ಠಾಣೆ, ಹೆಬ್ಬೂರು
ದ್ವಿಚಕ್ರ ವಾಹನಗಳ ಬಹಿರಂಗ ಹರಾಜು ಪ್ರಕಟಣೆ
ಹೆಬ್ಬೂರು ಪೊಲೀಸ್ ಠಾಣಾ ವ್ಯಾಪ್ತಿಯಲ್ಲಿ ವಾರಸುದಾರರಿಲ್ಲದ ದ್ವಿಚಕ್ರ ವಾಹನಗಳನ್ನು ಕರ್ನಾಟಕ ಪೊಲೀಸ್ ಕಾಯ್ದೆ ಕಲಂ 13 ರ ಪ್ರಕಾರ ಬಹಿರಂಗ ಹರಾಜು ಮಾಡಲಾಗುವುದು. ದಿನಾಂಕ: 02-03-2026 ರಂದು ಮಧ್ಯಾಹ್ನ 12 ಗಂಟೆಗೆ ಠಾಣೆಯ ಆವರಣದಲ್ಲಿ ಹರಾಜು ನಡೆಯಲಿದ್ದು, ಆಸಕ್ತರು ಭಾಗವಹಿಸಬಹುದು.
ಹರಾಜು ಮಾಡಲ್ಪಡುವ ವಾಹನಗಳ ವಿವರ
1. KA 01 Ej 7406
2. KA 42 E 1254
3. KA 51 K 3142
4. BLACK & BLUE Colour Without Number Plate Bike
5. KA 51 EJ 1408
6. KA 52 J 7138
7. KA 14 X 4127
8. Black Colour Without Number Plate Bike
9. KA 02 EL 9163
10. KA 18 ED 9102
11. KA 05 JN 6389
12. KA 02 KE 5930
13.Green Colour Without Number Plate Bike
ಸಹಿ/- ಸಬ್ ಇನ್ಸ್‌ಪೆಕ್ಟರ್
ಹೆಬ್ಬೂರು ಪೊಲೀಸ್ ಠಾಣೆ, ತುಮಕೂರು, ತಾಲ್ಲೂಕು
